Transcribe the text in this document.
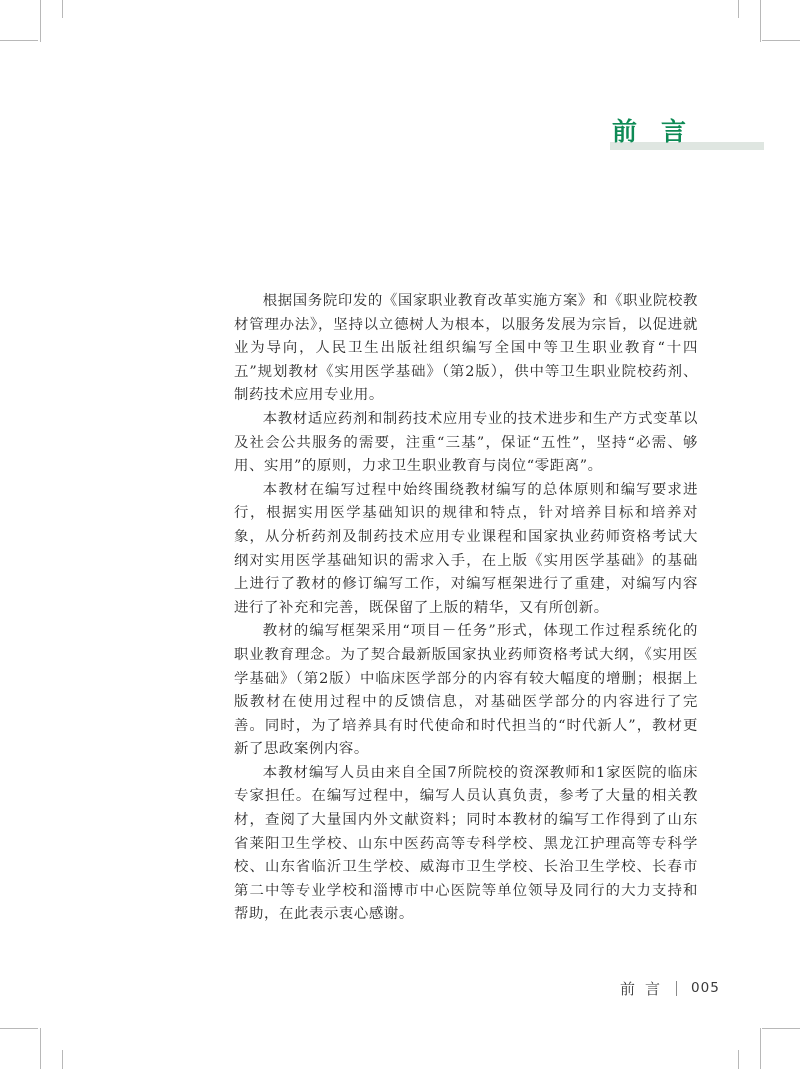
前言

根据国务院印发的《国家职业教育改革实施方案》和《职业院校教材管理办法》，坚持以立德树人为根本，以服务发展为宗旨，以促进就业为导向，人民卫生出版社组织编写全国中等卫生职业教育“十四五”规划教材《实用医学基础》（第2版），供中等卫生职业院校药剂、制药技术应用专业用。

本教材适应药剂和制药技术应用专业的技术进步和生产方式变革以及社会公共服务的需要，注重“三基”，保证“五性”，坚持“必需、够用、实用”的原则，力求卫生职业教育与岗位“零距离”。

本教材在编写过程中始终围绕教材编写的总体原则和编写要求进行，根据实用医学基础知识的规律和特点，针对培养目标和培养对象，从分析药剂及制药技术应用专业课程和国家执业药师资格考试大纲对实用医学基础知识的需求入手，在上版《实用医学基础》的基础上进行了教材的修订编写工作，对编写框架进行了重建，对编写内容进行了补充和完善，既保留了上版的精华，又有所创新。

教材的编写框架采用“项目－任务”形式，体现工作过程系统化的职业教育理念。为了契合最新版国家执业药师资格考试大纲，《实用医学基础》（第2版）中临床医学部分的内容有较大幅度的增删；根据上版教材在使用过程中的反馈信息，对基础医学部分的内容进行了完善。同时，为了培养具有时代使命和时代担当的“时代新人”，教材更新了思政案例内容。

本教材编写人员由来自全国7所院校的资深教师和1家医院的临床专家担任。在编写过程中，编写人员认真负责，参考了大量的相关教材，查阅了大量国内外文献资料；同时本教材的编写工作得到了山东省莱阳卫生学校、山东中医药高等专科学校、黑龙江护理高等专科学校、山东省临沂卫生学校、威海市卫生学校、长治卫生学校、长春市第二中等专业学校和淄博市中心医院等单位领导及同行的大力支持和帮助，在此表示衷心感谢。

前言 005
